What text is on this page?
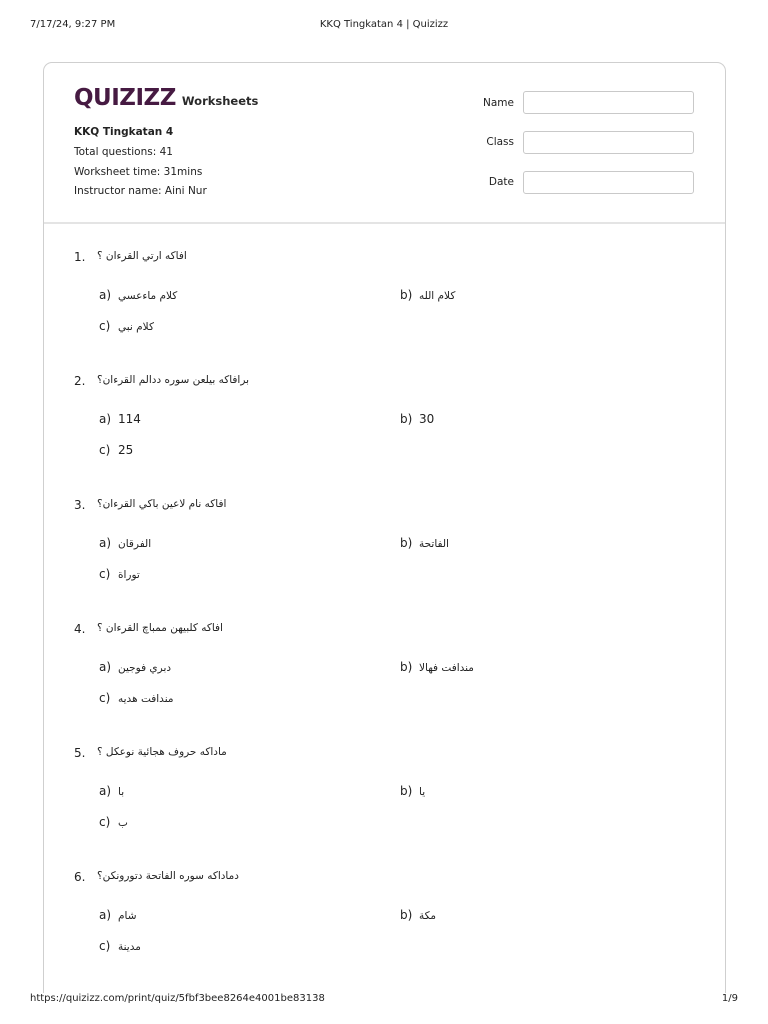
7/17/24, 9:27 PM	KKQ Tingkatan 4 | Quizizz
QUIZIZZ Worksheets
KKQ Tingkatan 4
Total questions: 41
Worksheet time: 31mins
Instructor name: Aini Nur
Name
Class
Date
1. افاكه ارتي القرءان ؟
a) كلام ماءعسي	b) كلام الله
c) كلام نبي
2. برافاكه بيلعن سوره ددالم القرءان؟
a) 114	b) 30
c) 25
3. افاكه نام لاعين باكي القرءان؟
a) الفرقان	b) الفاتحة
c) توراة
4. افاكه كلبيهن ممباچ القرءان ؟
a) دبري فوجين	b) مندافت فهالا
c) مندافت هديه
5. ماداكه حروف هجائية نوعكل ؟
a) با	b) يا
c) ب
6. دماداكه سوره الفاتحة دتورونكن؟
a) شام	b) مكة
c) مدينة
https://quizizz.com/print/quiz/5fbf3bee8264e4001be83138	1/9
